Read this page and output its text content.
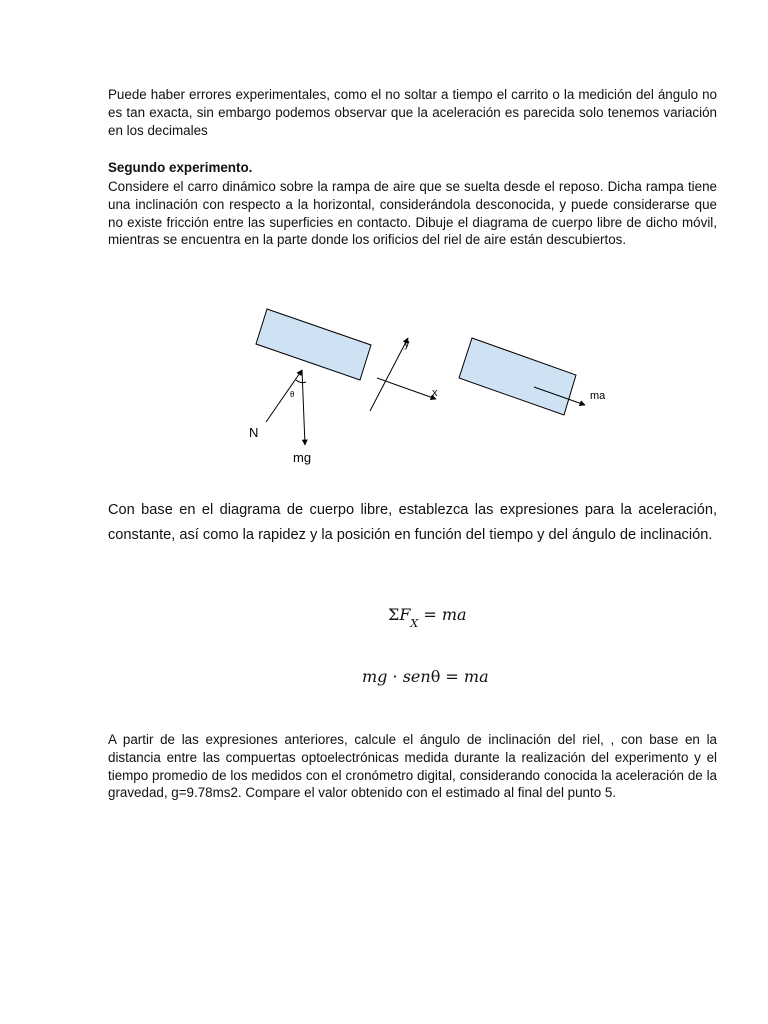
Puede haber errores experimentales, como el no soltar a tiempo el carrito o la medición del ángulo no es tan exacta, sin embargo podemos observar que la aceleración es parecida solo tenemos variación en los decimales

Segundo experimento.

Considere el carro dinámico sobre la rampa de aire que se suelta desde el reposo. Dicha rampa tiene una inclinación con respecto a la horizontal, considerándola desconocida, y puede considerarse que no existe fricción entre las superficies en contacto. Dibuje el diagrama de cuerpo libre de dicho móvil, mientras se encuentra en la parte donde los orificios del riel de aire están descubiertos.

θ
N
mg
y
x	ma

Con base en el diagrama de cuerpo libre, establezca las expresiones para la aceleración, constante, así como la rapidez y la posición en función del tiempo y del ángulo de inclinación.

$\Sigma F_X$ = ma
mg · senθ = ma

A partir de las expresiones anteriores, calcule el ángulo de inclinación del riel, , con base en la distancia entre las compuertas optoelectrónicas medida durante la realización del experimento y el tiempo promedio de los medidos con el cronómetro digital, considerando conocida la aceleración de la gravedad, g=9.78ms2. Compare el valor obtenido con el estimado al final del punto 5.
